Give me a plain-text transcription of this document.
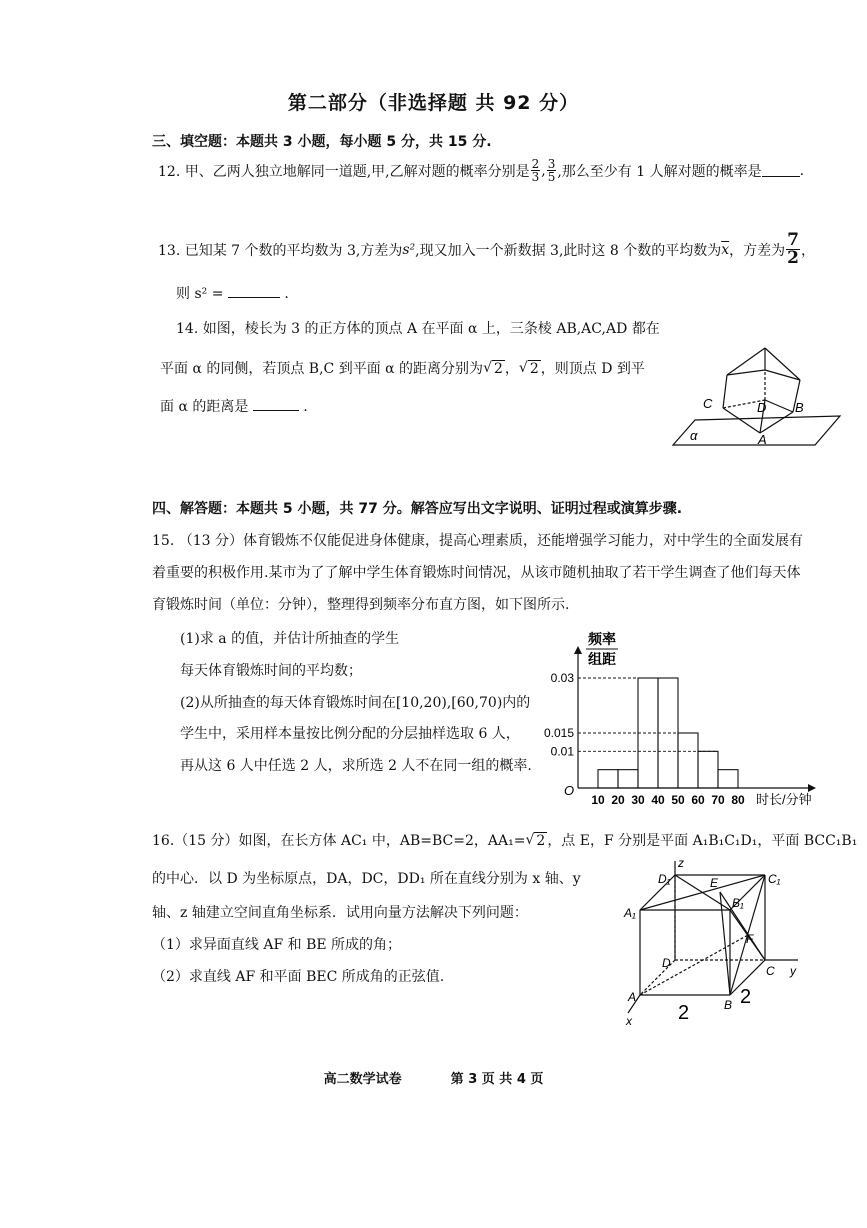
第二部分（非选择题 共 92 分）
三、填空题：本题共 3 小题，每小题 5 分，共 15 分.
12. 甲、乙两人独立地解同一道题,甲,乙解对题的概率分别是 $\frac{2}{3}$ , $\frac{3}{5}$ ,那么至少有 1 人解对题的概率是	.
13. 已知某 7 个数的平均数为 3,方差为 s² ,现又加入一个新数据 3,此时这 8 个数的平均数为 $\overline{x}$ ，方差为 $\frac{7}{2}$ ，
则 s² =	.
14. 如图，棱长为 3 的正方体的顶点 A 在平面 α 上，三条棱 AB,AC,AD 都在
平面 α 的同侧，若顶点 B,C 到平面 α 的距离分别为 √ 2 ， √ 2 ，则顶点 D 到平
面 α 的距离是	.	C	D B
A
α
四、解答题：本题共 5 小题，共 77 分。解答应写出文字说明、证明过程或演算步骤.
15. （13 分）体育锻炼不仅能促进身体健康，提高心理素质，还能增强学习能力，对中学生的全面发展有
着重要的积极作用.某市为了了解中学生体育锻炼时间情况，从该市随机抽取了若干学生调查了他们每天体
育锻炼时间（单位：分钟），整理得到频率分布直方图，如下图所示.
(1)求 a 的值，并估计所抽查的学生
每天体育锻炼时间的平均数；
(2)从所抽查的每天体育锻炼时间在[10,20),[60,70)内的
学生中，采用样本量按比例分配的分层抽样选取 6 人，
再从这 6 人中任选 2 人，求所选 2 人不在同一组的概率.
频率
组距
O
时长/分钟
0.03
0.015
0.01
10 20 30 40 50 60 70 80
16.（15 分）如图，在长方体 AC₁ 中，AB=BC=2，AA₁= √ 2 ，点 E，F 分别是平面 A₁B₁C₁D₁，平面 BCC₁B₁
的中心．以 D 为坐标原点，DA，DC，DD₁ 所在直线分别为 x 轴、y
轴、z 轴建立空间直角坐标系．试用向量方法解决下列问题：
（1）求异面直线 AF 和 BE 所成的角；
（2）求直线 AF 和平面 BEC 所成角的正弦值.
D₁
z
E	C₁
B₁
A₁
F
D
C y
A
B
x 2
2
高二数学试卷	第 3 页 共 4 页
